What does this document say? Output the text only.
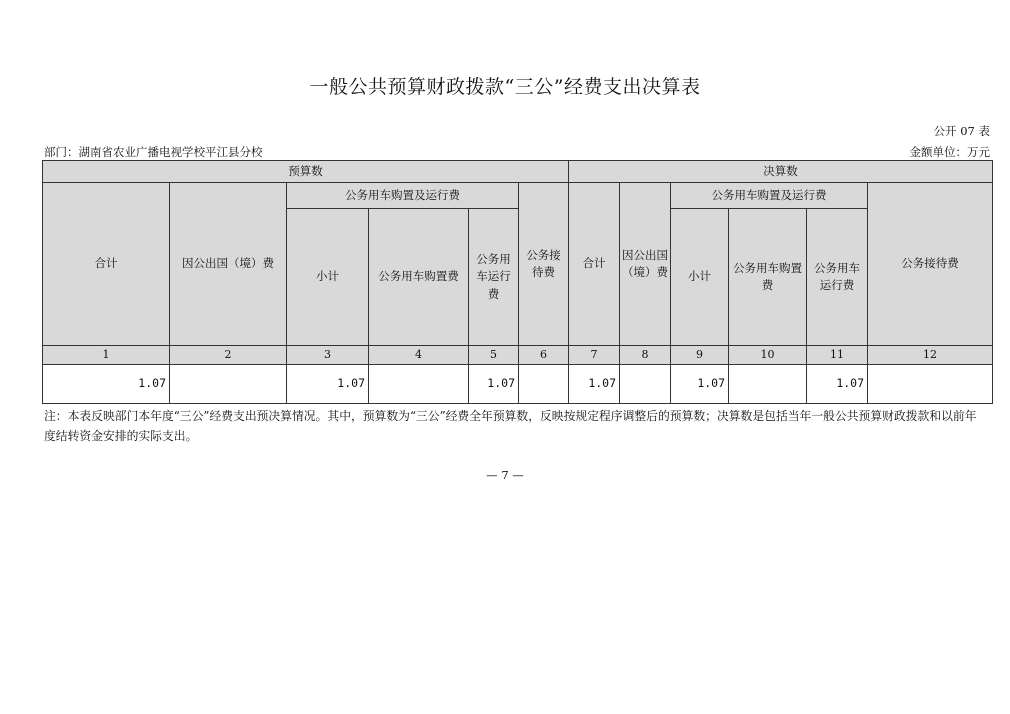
一般公共预算财政拨款“三公”经费支出决算表
公开 07 表
部门：湖南省农业广播电视学校平江县分校	金额单位：万元
预算数						决算数					
合计	因公出国（境）费	公务用车购置及运行费			公务接待费	合计	因公出国（境）费	公务用车购置及运行费			公务接待费
		小计	公务用车购置费	公务用车运行费				小计	公务用车购置费	公务用车运行费	
1	2	3	4	5	6	7	8	9	10	11	12
1.07		1.07		1.07		1.07		1.07		1.07	
注：本表反映部门本年度“三公”经费支出预决算情况。其中，预算数为“三公”经费全年预算数，反映按规定程序调整后的预算数；决算数是包括当年一般公共预算财政拨款和以前年度结转资金安排的实际支出。
— 7 —
